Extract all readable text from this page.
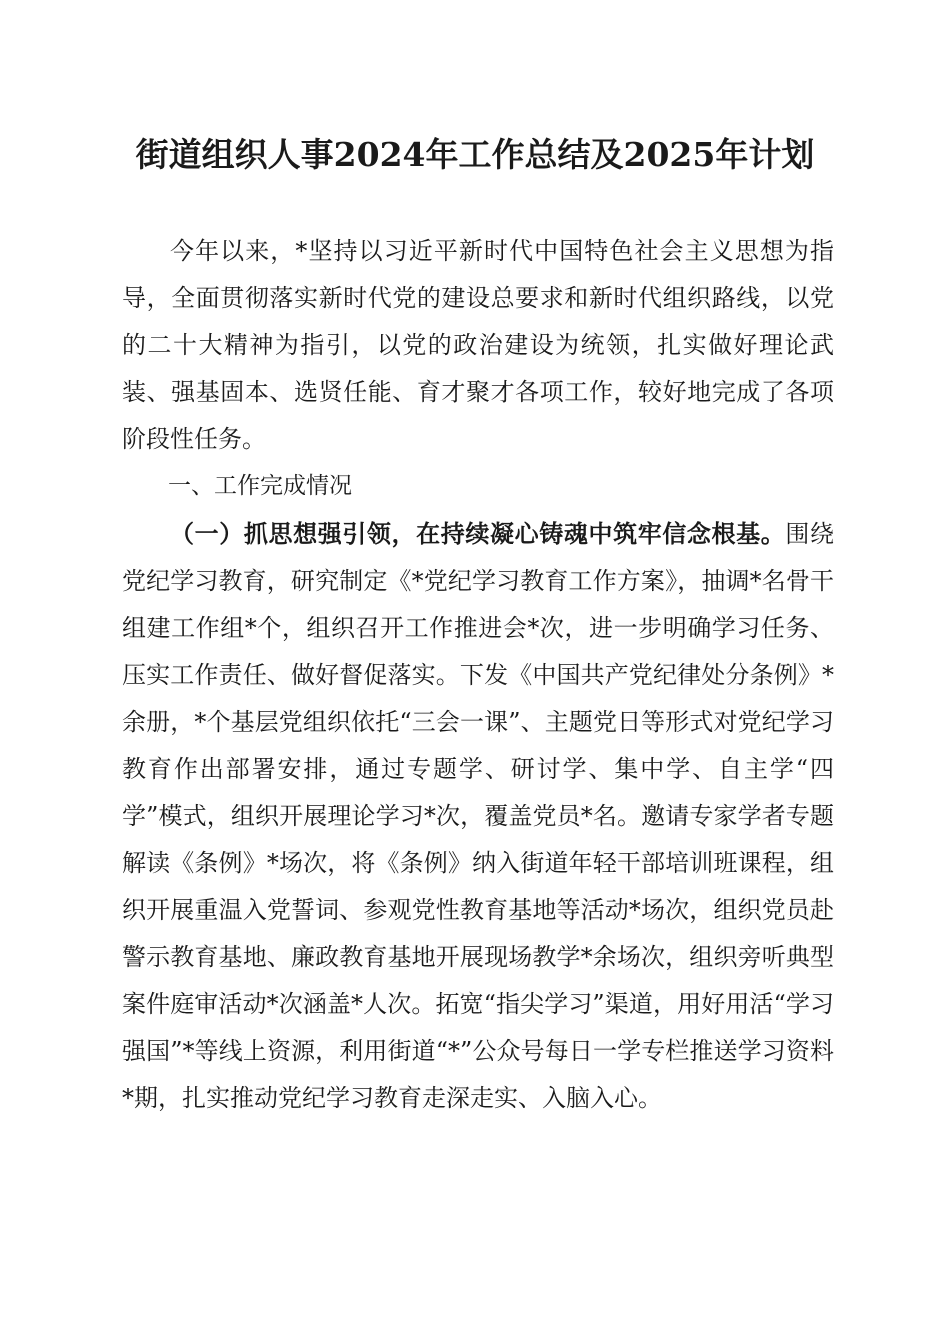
街道组织人事2024年工作总结及2025年计划

今年以来，*坚持以习近平新时代中国特色社会主义思想为指导，全面贯彻落实新时代党的建设总要求和新时代组织路线，以党的二十大精神为指引，以党的政治建设为统领，扎实做好理论武装、强基固本、选贤任能、育才聚才各项工作，较好地完成了各项阶段性任务。

一、工作完成情况

（一）抓思想强引领，在持续凝心铸魂中筑牢信念根基。围绕党纪学习教育，研究制定《*党纪学习教育工作方案》，抽调*名骨干组建工作组*个，组织召开工作推进会*次，进一步明确学习任务、压实工作责任、做好督促落实。下发《中国共产党纪律处分条例》*余册，*个基层党组织依托“三会一课”、主题党日等形式对党纪学习教育作出部署安排，通过专题学、研讨学、集中学、自主学“四学”模式，组织开展理论学习*次，覆盖党员*名。邀请专家学者专题解读《条例》*场次，将《条例》纳入街道年轻干部培训班课程，组织开展重温入党誓词、参观党性教育基地等活动*场次，组织党员赴警示教育基地、廉政教育基地开展现场教学*余场次，组织旁听典型案件庭审活动*次涵盖*人次。拓宽“指尖学习”渠道，用好用活“学习强国”*等线上资源，利用街道“*”公众号每日一学专栏推送学习资料*期，扎实推动党纪学习教育走深走实、入脑入心。
